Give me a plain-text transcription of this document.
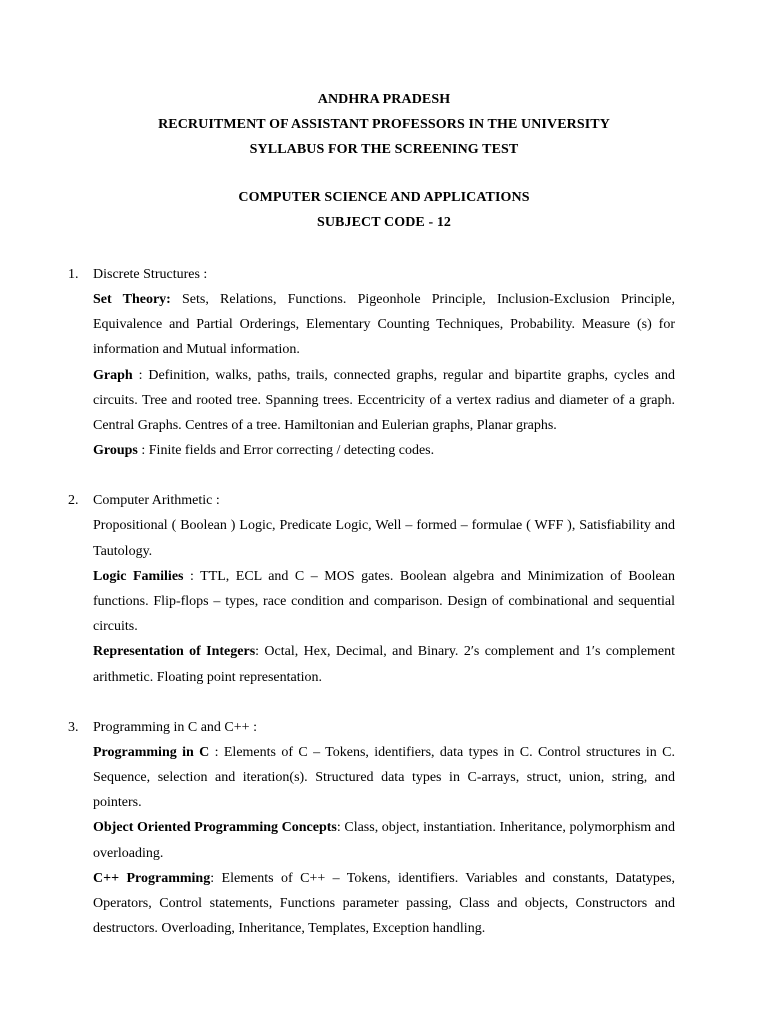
ANDHRA PRADESH
RECRUITMENT OF ASSISTANT PROFESSORS IN THE UNIVERSITY
SYLLABUS FOR THE SCREENING TEST
COMPUTER SCIENCE AND APPLICATIONS
SUBJECT CODE - 12
1. Discrete Structures :
Set Theory: Sets, Relations, Functions. Pigeonhole Principle, Inclusion-Exclusion Principle, Equivalence and Partial Orderings, Elementary Counting Techniques, Probability. Measure (s) for information and Mutual information.
Graph : Definition, walks, paths, trails, connected graphs, regular and bipartite graphs, cycles and circuits. Tree and rooted tree. Spanning trees. Eccentricity of a vertex radius and diameter of a graph. Central Graphs. Centres of a tree. Hamiltonian and Eulerian graphs, Planar graphs.
Groups : Finite fields and Error correcting / detecting codes.
2. Computer Arithmetic :
Propositional ( Boolean ) Logic, Predicate Logic, Well – formed – formulae ( WFF ), Satisfiability and Tautology.
Logic Families : TTL, ECL and C – MOS gates. Boolean algebra and Minimization of Boolean functions. Flip-flops – types, race condition and comparison. Design of combinational and sequential circuits.
Representation of Integers: Octal, Hex, Decimal, and Binary. 2′s complement and 1′s complement arithmetic. Floating point representation.
3. Programming in C and C++ :
Programming in C : Elements of C – Tokens, identifiers, data types in C. Control structures in C. Sequence, selection and iteration(s). Structured data types in C-arrays, struct, union, string, and pointers.
Object Oriented Programming Concepts: Class, object, instantiation. Inheritance, polymorphism and overloading.
C++ Programming: Elements of C++ – Tokens, identifiers. Variables and constants, Datatypes, Operators, Control statements, Functions parameter passing, Class and objects, Constructors and destructors. Overloading, Inheritance, Templates, Exception handling.
